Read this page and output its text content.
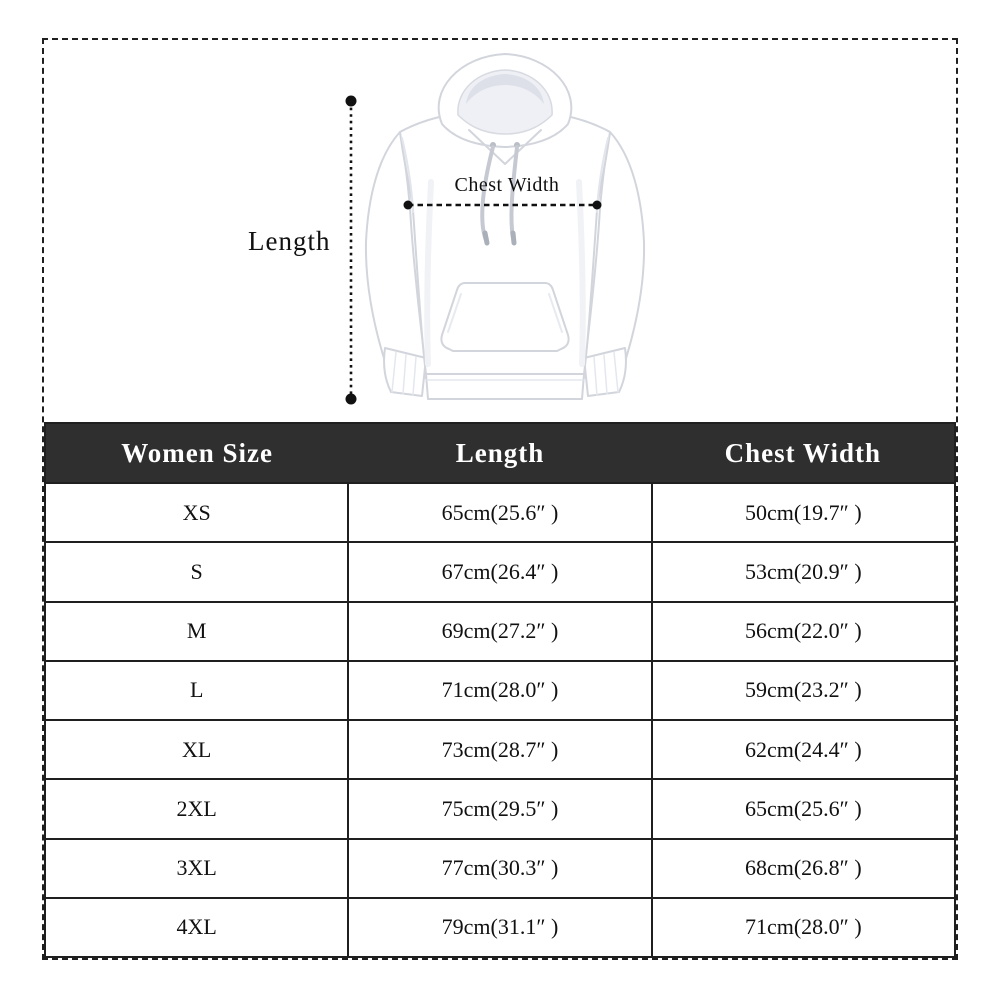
Length
Chest Width
Women Size	Length	Chest Width
XS	65cm(25.6″ )	50cm(19.7″ )
S	67cm(26.4″ )	53cm(20.9″ )
M	69cm(27.2″ )	56cm(22.0″ )
L	71cm(28.0″ )	59cm(23.2″ )
XL	73cm(28.7″ )	62cm(24.4″ )
2XL	75cm(29.5″ )	65cm(25.6″ )
3XL	77cm(30.3″ )	68cm(26.8″ )
4XL	79cm(31.1″ )	71cm(28.0″ )
